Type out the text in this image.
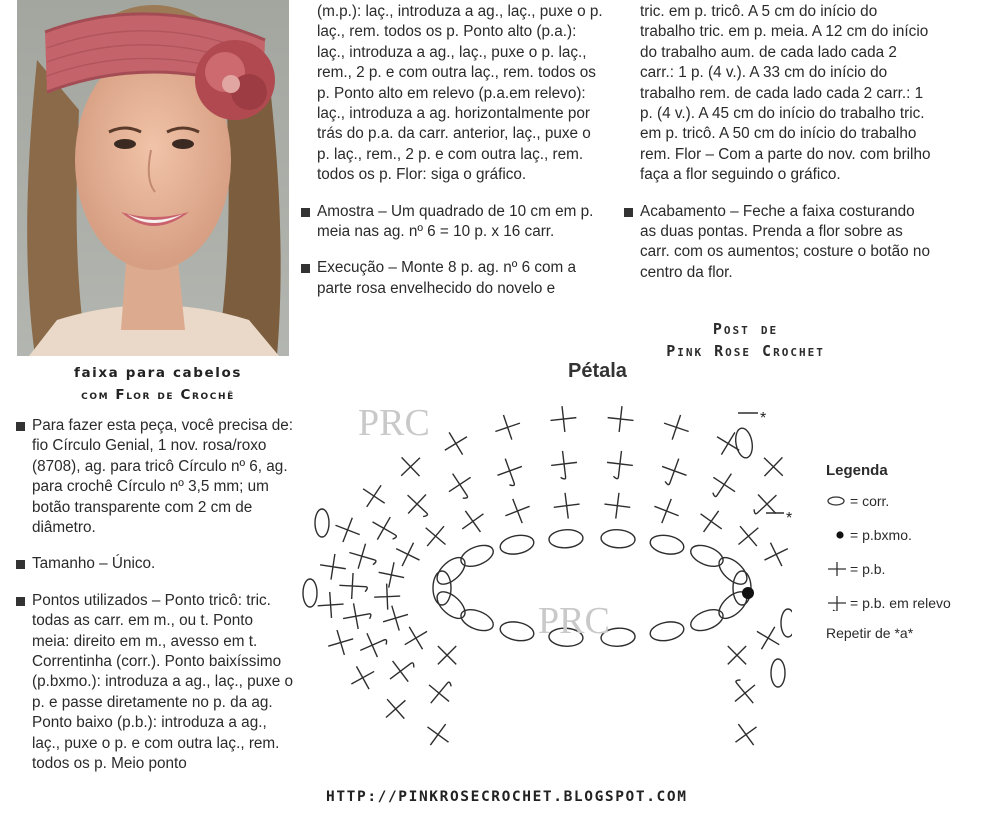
faixa para cabelos
com Flor de Crochê

Para fazer esta peça, você precisa de: fio Círculo Genial, 1 nov. rosa/roxo (8708), ag. para tricô Círculo nº 6, ag. para crochê Círculo nº 3,5 mm; um botão transparente com 2 cm de diâmetro.

Tamanho – Único.

Pontos utilizados – Ponto tricô: tric. todas as carr. em m., ou t. Ponto meia: direito em m., avesso em t. Correntinha (corr.). Ponto baixíssimo (p.bxmo.): introduza a ag., laç., puxe o p. e passe diretamente no p. da ag. Ponto baixo (p.b.): introduza a ag., laç., puxe o p. e com outra laç., rem. todos os p. Meio ponto

(m.p.): laç., introduza a ag., laç., puxe o p. laç., rem. todos os p. Ponto alto (p.a.): laç., introduza a ag., laç., puxe o p. laç., rem., 2 p. e com outra laç., rem. todos os p. Ponto alto em relevo (p.a.em relevo): laç., introduza a ag. horizontalmente por trás do p.a. da carr. anterior, laç., puxe o p. laç., rem., 2 p. e com outra laç., rem. todos os p. Flor: siga o gráfico.

Amostra – Um quadrado de 10 cm em p. meia nas ag. nº 6 = 10 p. x 16 carr.

Execução – Monte 8 p. ag. nº 6 com a parte rosa envelhecido do novelo e

tric. em p. tricô. A 5 cm do início do trabalho tric. em p. meia. A 12 cm do início do trabalho aum. de cada lado cada 2 carr.: 1 p. (4 v.). A 33 cm do início do trabalho rem. de cada lado cada 2 carr.: 1 p. (4 v.). A 45 cm do início do trabalho tric. em p. tricô. A 50 cm do início do trabalho rem. Flor – Com a parte do nov. com brilho faça a flor seguindo o gráfico.

Acabamento – Feche a faixa costurando as duas pontas. Prenda a flor sobre as carr. com os aumentos; costure o botão no centro da flor.

Post de
Pink Rose Crochet
Pétala
PRC
PRC
*
*
Legenda
= corr.
= p.bxmo.
= p.b.
= p.b. em relevo
Repetir de *a*
HTTP://PINKROSECROCHET.BLOGSPOT.COM
